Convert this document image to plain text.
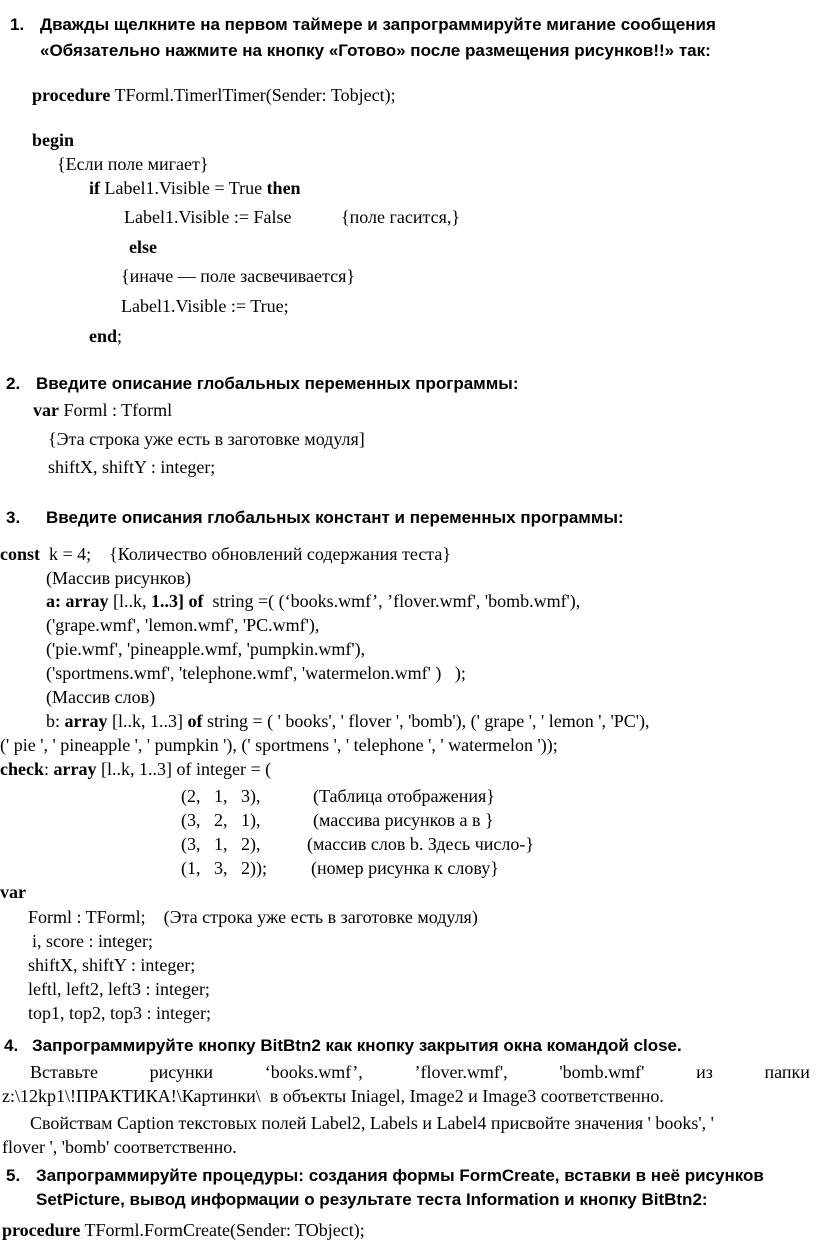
1. Дважды щелкните на первом таймере и запрограммируйте мигание сообщения
«Обязательно нажмите на кнопку «Готово» после размещения рисунков!!» так:
procedure TForml.TimerlTimer(Sender: Tobject);
begin
{Если поле мигает}
if Label1.Visible = True then
Label1.Visible := False	{поле гасится,}
else
{иначе — поле засвечивается}
Label1.Visible := True;
end;
2. Введите описание глобальных переменных программы:
var Forml : Tforml
{Эта строка уже есть в заготовке модуля]
shiftX, shiftY : integer;
3. Введите описания глобальных констант и переменных программы:
const  k = 4;    {Количество обновлений содержания теста}
(Массив рисунков)
a: array [l..k, 1..3] of  string =( (‘books.wmf’, ’flover.wmf', 'bomb.wmf'),
('grape.wmf', 'lemon.wmf', 'PC.wmf'),
('pie.wmf', 'pineapple.wmf, 'pumpkin.wmf'),
('sportmens.wmf', 'telephone.wmf', 'watermelon.wmf' )   );
(Массив слов)
b: array [l..k, 1..3] of string = ( ' books', ' flover ', 'bomb'), (' grape ', ' lemon ', 'PC'),
(' pie ', ' pineapple ', ' pumpkin '), (' sportmens ', ' telephone ', ' watermelon '));
check: array [l..k, 1..3] of integer = (
(2,   1,   3),	(Таблица отображения}
(3,   2,   1),	(массива рисунков а в }
(3,   1,   2),	(массив слов b. Здесь число-}
(1,   3,   2)); (номер рисунка к слову}
var
Forml : TForml;    (Эта строка уже есть в заготовке модуля)
i, score : integer;
shiftX, shiftY : integer;
leftl, left2, left3 : integer;
top1, top2, top3 : integer;
4. Запрограммируйте кнопку BitBtn2 как кнопку закрытия окна командой close.
Вставьте	рисунки	‘books.wmf’,	’flover.wmf',	'bomb.wmf'	из	папки
z:\12kp1\!ПРАКТИКА!\Картинки\  в объекты Iniagel, Image2 и Image3 соответственно.
Свойствам Caption текстовых полей Label2, Labels и Label4 присвойте значения ' books', '
flover ', 'bomb' соответственно.
5. Запрограммируйте процедуры: создания формы FormCreate, вставки в неё рисунков
SetPicture, вывод информации о результате теста Information и кнопку BitBtn2:
procedure TForml.FormCreate(Sender: TObject);
